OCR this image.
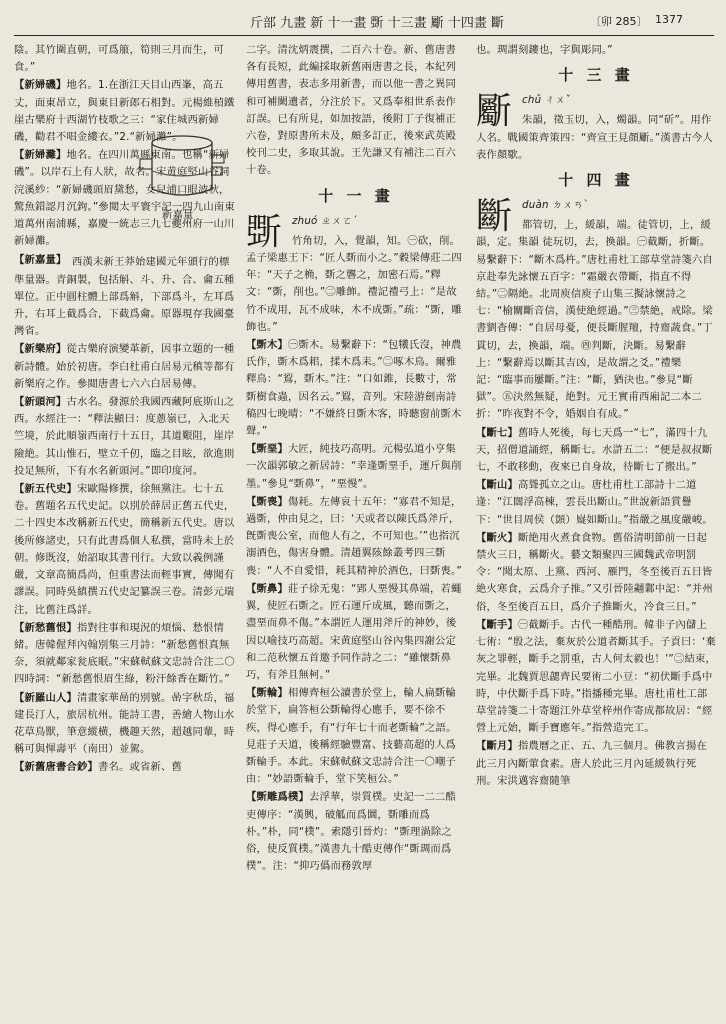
斤部 九畫 新 十一畫 斲 十三畫 斸 十四畫 斷	〔卯 285〕 1377

陰。其竹圍直朝，可爲箙，筍則三月而生，可食。”

【新婦磯】地名。1.在浙江天目山西峯，高五丈，面東昂立，與東目新郎石相對。元楊維楨鐵崖古樂府十西湖竹枝歌之三：“家住城西新婦磯，勸君不唱金縷衣。”2.“新婦灘”。

【新婦灘】地名。在四川萬縣東南。也稱“新婦磯”。以岸石上有人狀，故名。宋黄庭堅山谷詞浣溪紗：“新婦磯頭眉黛愁，女兒浦口眼波秋，驚魚錯認月沉鉤。”參閲太平寰宇記一四九山南東道萬州南浦縣，嘉慶一統志三九七夔州府一山川新婦灘。

【新嘉量】 西漢末新王莽始建國元年頒行的標準量器。青銅製，包括斛、斗、升、合、龠五種單位。正中圓柱體上部爲斛，下部爲斗，左耳爲升，右耳上截爲合，下截爲龠。原器現存我國臺灣省。

新嘉量

【新樂府】從古樂府演變革新，因事立題的一種新詩體。始於初唐。李白杜甫白居易元稹等都有新樂府之作。參閲唐書七六六白居易傳。

【新頭河】古水名。發源於我國西藏阿底斯山之西。水經注一：“釋法顯曰：度蔥嶺已，入北天竺境，於此順嶺西南行十五日，其道艱阻，崖岸險絶。其山惟石，壁立千仞，臨之目眩，欲進則投足無所，下有水名新頭河。”即印度河。

【新五代史】宋歐陽修撰，徐無黨注。七十五卷。舊題名五代史記。以別於薛居正舊五代史，二十四史本改稱新五代史，簡稱新五代史。唐以後所修諸史，只有此書爲個人私撰，當時未上於朝。修既沒，始詔取其書刊行。大致以義例謹嚴，文章高簡爲尚，但重書法而輕事實，傳聞有謬誤。同時吳縝撰五代史記纂誤三卷。清彭元瑞注，比舊注爲詳。

【新愁舊恨】指對往事和現況的煩惱、愁恨情緒。唐韓偓拜內翰別集三月詩：“新愁舊恨真無奈，須就鄰家瓮底眠。”宋蘇軾蘇文忠詩合注二〇四時詞：“新愁舊恨眉生綠，粉汗餘香在斷竹。”

【新羅山人】清畫家華喦的別號。喦字秋岳，福建長汀人，旅居杭州。能詩工書，善繪人物山水花草鳥獸，筆意縱横，機趣天然，超越同輩，時稱可與惲壽平（南田）並駕。

【新舊唐書合鈔】書名。或省新、舊

二字。清沈炳震撰，二百六十卷。新、舊唐書各有長短，此編採取新舊兩唐書之長，本紀列傳用舊書，表志多用新書，而以他一書之異同和可補闕遺者，分注於下。又爲奉相世系表作訂誤。已有所見，如加按語，後附丁子復補正六卷，對原書所未及，頗多訂正，後來武英殿校刊二史，多取其說。王先謙又有補注二百六十卷。

十 一 畫
斲 zhuó ㄓㄨㄛˊ

竹角切，入，覺韻，知。㊀砍，削。孟子梁惠王下：“匠人斲而小之。”穀梁傳莊二四年：“天子之桷，斲之礱之，加密石焉。”釋文：“斲，削也。”㊁雕飾。禮記禮弓上：“是故竹不成用，瓦不成味，木不成斲。”疏：“斲，雕飾也。”

【斲木】㊀斲木。易繫辭下：“包犧氏沒，神農氏作，斲木爲耜，揉木爲耒。”㊁啄木鳥。爾雅釋鳥：“鴷，斲木。”注：“口如錐，長數寸，常斲樹食蟲，因名云。”鴷，音列。宋陸游劍南詩稿四七晚晴：“不嫌終日斲木客，時聽窗前斲木聲。”

【斲堊】大匠，純技巧高明。元楊弘道小亨集一次韻郭敏之新居詩：“幸逢斲堊手，運斤與削墨。”參見“斲鼻”，“堊慢”。

【斲喪】傷耗。左傳哀十五年：“寡君不知是，過斲，仲由見之，曰：‘天或者以陳氏爲斧斤，旣斲喪公室，而他人有之，不可知也。’”也指沉溺酒色，傷害身體。清趙翼陔餘叢考四三斲喪：“人不自愛惜，耗其精神於酒色，曰斲喪。”

【斲鼻】莊子徐无鬼：“郢人堊慢其鼻端，若蠅翼，使匠石斲之。匠石運斤成風，聽而斲之，盡堊而鼻不傷。”本謂匠人運用斧斤的神妙，後因以喻技巧高超。宋黄庭堅山谷內集四謝公定和二范秋懷五首邀予同作詩之二：“雖懷斲鼻巧，有斧且無柯。”

【斲輪】相傳齊桓公讀書於堂上，輪人扁斲輪於堂下，扁答桓公斲輪得心應手，要不徐不疾，得心應手，有“行年七十而老斲輪”之語。見莊子天道，後稱經驗豐富、技藝高超的人爲斲輪手。本此。宋蘇軾蘇文忠詩合注一〇嘲子由：“妙語斲輪手，堂下笑桓公。”

【斲雕爲樸】去浮華，崇質樸。史記一二二酷吏傳序：“漢興，破觚而爲圜，斲雕而爲朴。”朴，同“樸”。索隱引晉灼：“斲理渦除之俗，使反質樸。”漢書九十酷吏傳作“斲琱而爲樸”。注：“抑巧僞而務敦厚

也。琱謂刻鏤也，字與彫同。”

十 三 畫
斸 chǔ ㄔㄨˇ

朱韻，徵玉切，入，燭韻。同“斫”。用作人名。戰國策齊策四：“齊宣王見顏斸。”漢書古今人表作顏歜。

十 四 畫
斷 duàn ㄉㄨㄢˋ

都管切，上，緩韻，端。徒管切，上，緩韻，定。集韻 徒玩切，去，換韻。㊀截斷，折斷。易繫辭下：“斷木爲杵。”唐杜甫杜工部草堂詩箋六自京赴奉先詠懷五百字：“霜嚴衣帶斷，指直不得結。”㊁隔絶。北周庾信庾子山集三擬詠懷詩之七：“榆關斷音信，漢使絶經過。”㊂禁絶，戒除。梁書劉杳傳：“自居母憂，便長斷腥羶，持齋蔬食。”丁貫切，去，換韻，端。㊃判斷，決斷。易繫辭上：“繫辭焉以斷其吉凶，是故謂之爻。”禮樂記：“臨事而屢斷。”注：“斷，猶決也。”參見“斷獄”。㊄決然無疑，絶對。元王實甫西廂記二本二折：“昨夜對不令，婚姻自有成。”

【斷七】舊時人死後，每七天爲一“七”，滿四十九天，招僧道誦經，稱斷七。水滸五二：“便是叔叔斷七，不敢移動，夜來已自身故，待斷七了搬出。”

【斷山】高聳孤立之山。唐杜甫杜工部詩十二道逢：“江闊浮高棟，雲長出斷山。”世說新語賞譽下：“世目周侯（顗）嶷如斷山。”指嚴之風度嚴峻。

【斷火】斷絶用火煮食食物。舊俗清明節前一日起禁火三日，稱斷火。藝文類聚四三國魏武帝明罰令：“聞太原、上黨、西河、雁門，冬至後百五日皆絶火寒食，云爲介子推。”又引晉陸翽鄴中記：“并州俗，冬至後百五日，爲介子推斷火，冷食三日。”

【斷手】㊀截斷手。古代一種酷刑。韓非子內儲上七術：“殷之法，棄灰於公道者斷其手。子貢曰：‘棄灰之罪輕，斷手之罰重，古人何太毅也！’”㊁結束，完畢。北魏賈思勰齊民要術二小豆：“初伏斷手爲中時，中伏斷手爲下時。”指播種完畢。唐杜甫杜工部草堂詩箋二十寄題江外草堂梓州作寄成都故居：“經營上元始，斷手寶應年。”指營造完工。

【斷月】指農曆之正、五、九三個月。佛教言揚在此三月內斷葷食素。唐人於此三月內延緩執行死刑。宋洪邁容齋隨筆
